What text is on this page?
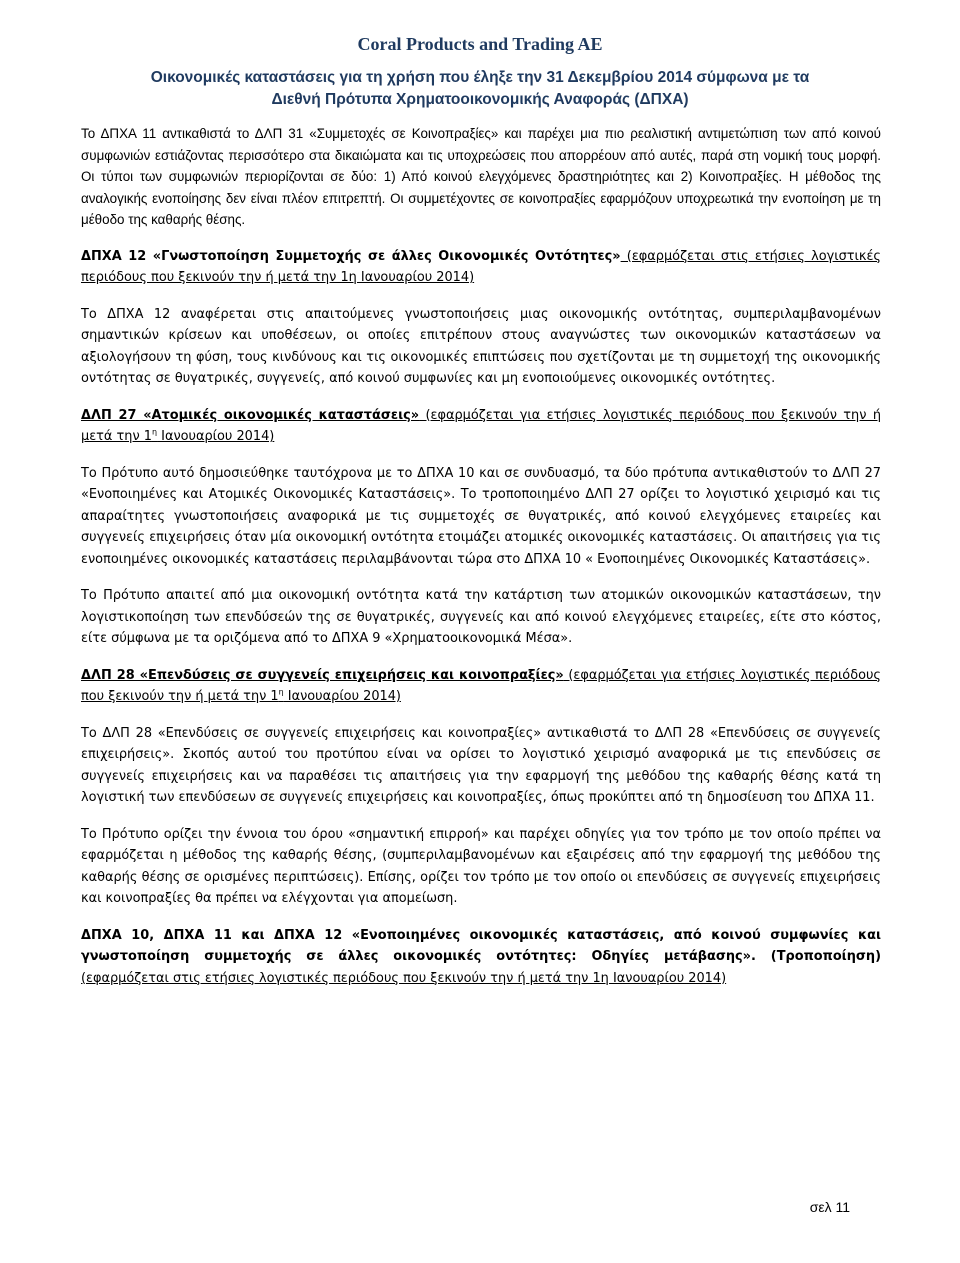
Coral Products and Trading AE
Οικονομικές καταστάσεις για τη χρήση που έληξε την 31 Δεκεμβρίου 2014 σύμφωνα με τα
Διεθνή Πρότυπα Χρηματοοικονομικής Αναφοράς (ΔΠΧΑ)

Το ΔΠΧΑ 11 αντικαθιστά το ΔΛΠ 31 «Συμμετοχές σε Κοινοπραξίες» και παρέχει μια πιο ρεαλιστική αντιμετώπιση των από κοινού συμφωνιών εστιάζοντας περισσότερο στα δικαιώματα και τις υποχρεώσεις που απορρέουν από αυτές, παρά στη νομική τους μορφή. Οι τύποι των συμφωνιών περιορίζονται σε δύο: 1) Από κοινού ελεγχόμενες δραστηριότητες και 2) Κοινοπραξίες. Η μέθοδος της αναλογικής ενοποίησης δεν είναι πλέον επιτρεπτή. Οι συμμετέχοντες σε κοινοπραξίες εφαρμόζουν υποχρεωτικά την ενοποίηση με τη μέθοδο της καθαρής θέσης.

ΔΠΧΑ 12 «Γνωστοποίηση Συμμετοχής σε άλλες Οικονομικές Οντότητες» (εφαρμόζεται στις ετήσιες λογιστικές περιόδους που ξεκινούν την ή μετά την 1η Ιανουαρίου 2014)

Το ΔΠΧΑ 12 αναφέρεται στις απαιτούμενες γνωστοποιήσεις μιας οικονομικής οντότητας, συμπεριλαμβανομένων σημαντικών κρίσεων και υποθέσεων, οι οποίες επιτρέπουν στους αναγνώστες των οικονομικών καταστάσεων να αξιολογήσουν τη φύση, τους κινδύνους και τις οικονομικές επιπτώσεις που σχετίζονται με τη συμμετοχή της οικονομικής οντότητας σε θυγατρικές, συγγενείς, από κοινού συμφωνίες και μη ενοποιούμενες οικονομικές οντότητες.

ΔΛΠ 27 «Ατομικές οικονομικές καταστάσεις» (εφαρμόζεται για ετήσιες λογιστικές περιόδους που ξεκινούν την ή μετά την $1^\eta$ Ιανουαρίου 2014)

Το Πρότυπο αυτό δημοσιεύθηκε ταυτόχρονα με το ΔΠΧΑ 10 και σε συνδυασμό, τα δύο πρότυπα αντικαθιστούν το ΔΛΠ 27 «Ενοποιημένες και Ατομικές Οικονομικές Καταστάσεις». Το τροποποιημένο ΔΛΠ 27 ορίζει το λογιστικό χειρισμό και τις απαραίτητες γνωστοποιήσεις αναφορικά με τις συμμετοχές σε θυγατρικές, από κοινού ελεγχόμενες εταιρείες και συγγενείς επιχειρήσεις όταν μία οικονομική οντότητα ετοιμάζει ατομικές οικονομικές καταστάσεις. Οι απαιτήσεις για τις ενοποιημένες οικονομικές καταστάσεις περιλαμβάνονται τώρα στο ΔΠΧΑ 10 « Ενοποιημένες Οικονομικές Καταστάσεις».

Το Πρότυπο απαιτεί από μια οικονομική οντότητα κατά την κατάρτιση των ατομικών οικονομικών καταστάσεων, την λογιστικοποίηση των επενδύσεών της σε θυγατρικές, συγγενείς και από κοινού ελεγχόμενες εταιρείες, είτε στο κόστος, είτε σύμφωνα με τα οριζόμενα από το ΔΠΧΑ 9 «Χρηματοοικονομικά Μέσα».

ΔΛΠ 28 «Επενδύσεις σε συγγενείς επιχειρήσεις και κοινοπραξίες» (εφαρμόζεται για ετήσιες λογιστικές περιόδους που ξεκινούν την ή μετά την $1^\eta$ Ιανουαρίου 2014)

Το ΔΛΠ 28 «Επενδύσεις σε συγγενείς επιχειρήσεις και κοινοπραξίες» αντικαθιστά το ΔΛΠ 28 «Επενδύσεις σε συγγενείς επιχειρήσεις». Σκοπός αυτού του προτύπου είναι να ορίσει το λογιστικό χειρισμό αναφορικά με τις επενδύσεις σε συγγενείς επιχειρήσεις και να παραθέσει τις απαιτήσεις για την εφαρμογή της μεθόδου της καθαρής θέσης κατά τη λογιστική των επενδύσεων σε συγγενείς επιχειρήσεις και κοινοπραξίες, όπως προκύπτει από τη δημοσίευση του ΔΠΧΑ 11.

Το Πρότυπο ορίζει την έννοια του όρου «σημαντική επιρροή» και παρέχει οδηγίες για τον τρόπο με τον οποίο πρέπει να εφαρμόζεται η μέθοδος της καθαρής θέσης, (συμπεριλαμβανομένων και εξαιρέσεις από την εφαρμογή της μεθόδου της καθαρής θέσης σε ορισμένες περιπτώσεις). Επίσης, ορίζει τον τρόπο με τον οποίο οι επενδύσεις σε συγγενείς επιχειρήσεις και κοινοπραξίες θα πρέπει να ελέγχονται για απομείωση.

ΔΠΧΑ 10, ΔΠΧΑ 11 και ΔΠΧΑ 12 «Ενοποιημένες οικονομικές καταστάσεις, από κοινού συμφωνίες και γνωστοποίηση συμμετοχής σε άλλες οικονομικές οντότητες: Οδηγίες μετάβασης». (Τροποποίηση) (εφαρμόζεται στις ετήσιες λογιστικές περιόδους που ξεκινούν την ή μετά την 1η Ιανουαρίου 2014)

σελ 11
